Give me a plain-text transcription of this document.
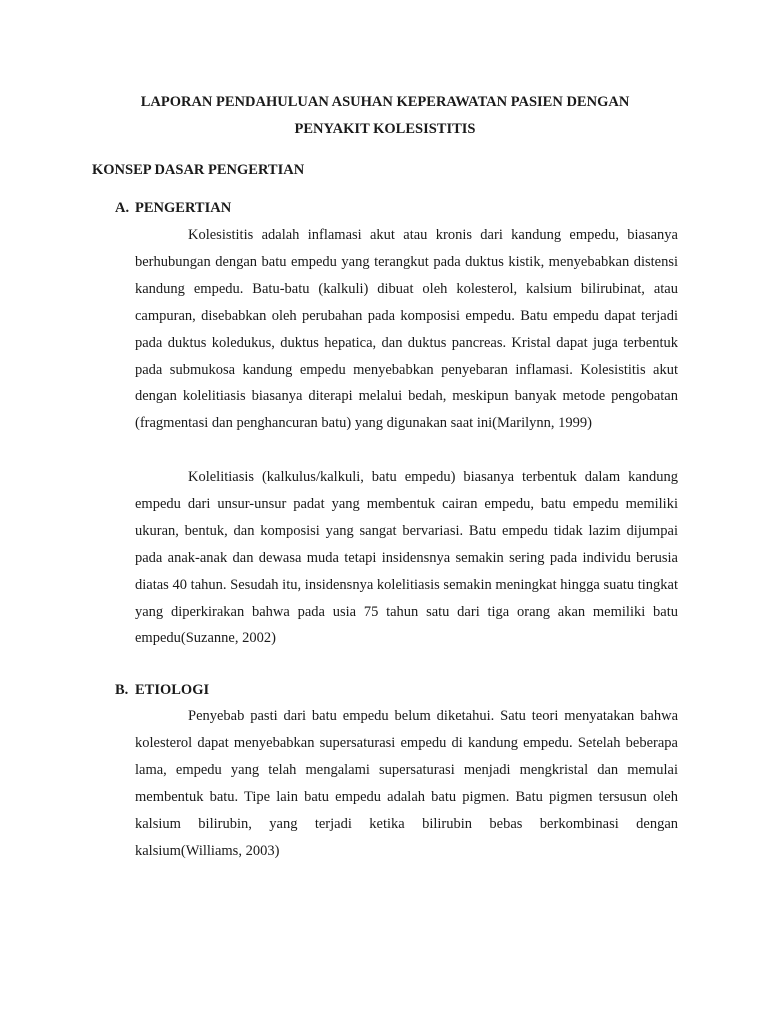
LAPORAN PENDAHULUAN ASUHAN KEPERAWATAN PASIEN DENGAN
PENYAKIT KOLESISTITIS
KONSEP DASAR PENGERTIAN
A. PENGERTIAN

Kolesistitis adalah inflamasi akut atau kronis dari kandung empedu, biasanya berhubungan dengan batu empedu yang terangkut pada duktus kistik, menyebabkan distensi kandung empedu. Batu-batu (kalkuli) dibuat oleh kolesterol, kalsium bilirubinat, atau campuran, disebabkan oleh perubahan pada komposisi empedu. Batu empedu dapat terjadi pada duktus koledukus, duktus hepatica, dan duktus pancreas. Kristal dapat juga terbentuk pada submukosa kandung empedu menyebabkan penyebaran inflamasi. Kolesistitis akut dengan kolelitiasis biasanya diterapi melalui bedah, meskipun banyak metode pengobatan (fragmentasi dan penghancuran batu) yang digunakan saat ini(Marilynn, 1999)

Kolelitiasis (kalkulus/kalkuli, batu empedu) biasanya terbentuk dalam kandung empedu dari unsur-unsur padat yang membentuk cairan empedu, batu empedu memiliki ukuran, bentuk, dan komposisi yang sangat bervariasi. Batu empedu tidak lazim dijumpai pada anak-anak dan dewasa muda tetapi insidensnya semakin sering pada individu berusia diatas 40 tahun. Sesudah itu, insidensnya kolelitiasis semakin meningkat hingga suatu tingkat yang diperkirakan bahwa pada usia 75 tahun satu dari tiga orang akan memiliki batu empedu(Suzanne, 2002)

B. ETIOLOGI

Penyebab pasti dari batu empedu belum diketahui. Satu teori menyatakan bahwa kolesterol dapat menyebabkan supersaturasi empedu di kandung empedu. Setelah beberapa lama, empedu yang telah mengalami supersaturasi menjadi mengkristal dan memulai membentuk batu. Tipe lain batu empedu adalah batu pigmen. Batu pigmen tersusun oleh kalsium bilirubin, yang terjadi ketika bilirubin bebas berkombinasi dengan kalsium(Williams, 2003)
